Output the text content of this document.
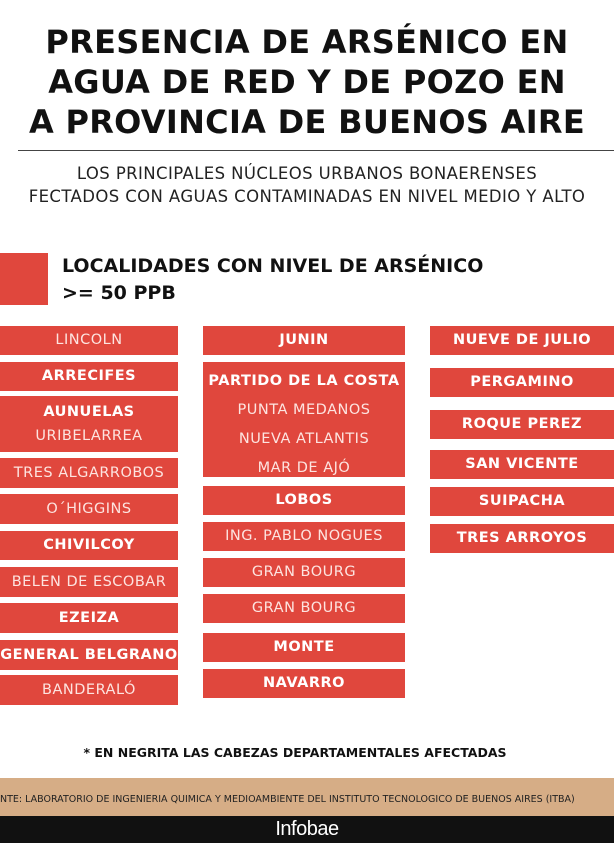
PRESENCIA DE ARSÉNICO EN
AGUA DE RED Y DE POZO EN
A PROVINCIA DE BUENOS AIRE
LOS PRINCIPALES NÚCLEOS URBANOS BONAERENSES
FECTADOS CON AGUAS CONTAMINADAS EN NIVEL MEDIO Y ALTO
LOCALIDADES CON NIVEL DE ARSÉNICO
>= 50 PPB
LINCOLN
ARRECIFES
AUNUELAS
URIBELARREA
TRES ALGARROBOS
O´HIGGINS
CHIVILCOY
BELEN DE ESCOBAR
EZEIZA
GENERAL BELGRANO
BANDERALÓ
JUNIN
PARTIDO DE LA COSTA
PUNTA MEDANOS
NUEVA ATLANTIS
MAR DE AJÓ
LOBOS
ING. PABLO NOGUES
GRAN BOURG
GRAN BOURG
MONTE
NAVARRO
NUEVE DE JULIO
PERGAMINO
ROQUE PEREZ
SAN VICENTE
SUIPACHA
TRES ARROYOS
* EN NEGRITA LAS CABEZAS DEPARTAMENTALES AFECTADAS
NTE: LABORATORIO DE INGENIERIA QUIMICA Y MEDIOAMBIENTE DEL INSTITUTO TECNOLOGICO DE BUENOS AIRES (ITBA)
Infobae
